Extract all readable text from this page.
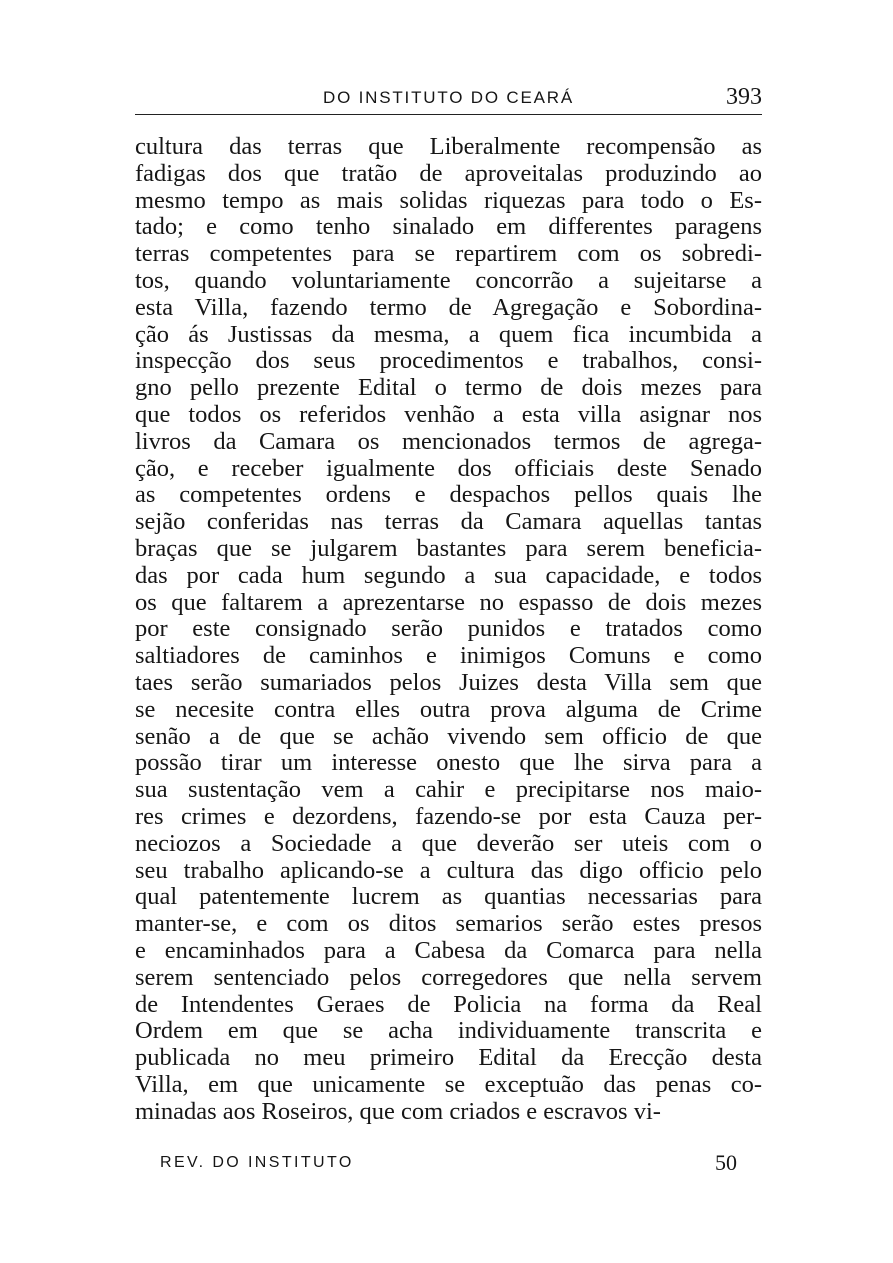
DO INSTITUTO DO CEARÁ	393
cultura das terras que Liberalmente recompensão as
fadigas dos que tratão de aproveitalas produzindo ao
mesmo tempo as mais solidas riquezas para todo o Es-
tado; e como tenho sinalado em differentes paragens
terras competentes para se repartirem com os sobredi-
tos, quando voluntariamente concorrão a sujeitarse a
esta Villa, fazendo termo de Agregação e Sobordina-
ção ás Justissas da mesma, a quem fica incumbida a
inspecção dos seus procedimentos e trabalhos, consi-
gno pello prezente Edital o termo de dois mezes para
que todos os referidos venhão a esta villa asignar nos
livros da Camara os mencionados termos de agrega-
ção, e receber igualmente dos officiais deste Senado
as competentes ordens e despachos pellos quais lhe
sejão conferidas nas terras da Camara aquellas tantas
braças que se julgarem bastantes para serem beneficia-
das por cada hum segundo a sua capacidade, e todos
os que faltarem a aprezentarse no espasso de dois mezes
por este consignado serão punidos e tratados como
saltiadores de caminhos e inimigos Comuns e como
taes serão sumariados pelos Juizes desta Villa sem que
se necesite contra elles outra prova alguma de Crime
senão a de que se achão vivendo sem officio de que
possão tirar um interesse onesto que lhe sirva para a
sua sustentação vem a cahir e precipitarse nos maio-
res crimes e dezordens, fazendo-se por esta Cauza per-
neciozos a Sociedade a que deverão ser uteis com o
seu trabalho aplicando-se a cultura das digo officio pelo
qual patentemente lucrem as quantias necessarias para
manter-se, e com os ditos semarios serão estes presos
e encaminhados para a Cabesa da Comarca para nella
serem sentenciado pelos corregedores que nella servem
de Intendentes Geraes de Policia na forma da Real
Ordem em que se acha individuamente transcrita e
publicada no meu primeiro Edital da Erecção desta
Villa, em que unicamente se exceptuão das penas co-
minadas aos Roseiros, que com criados e escravos vi-
REV. DO INSTITUTO	50
